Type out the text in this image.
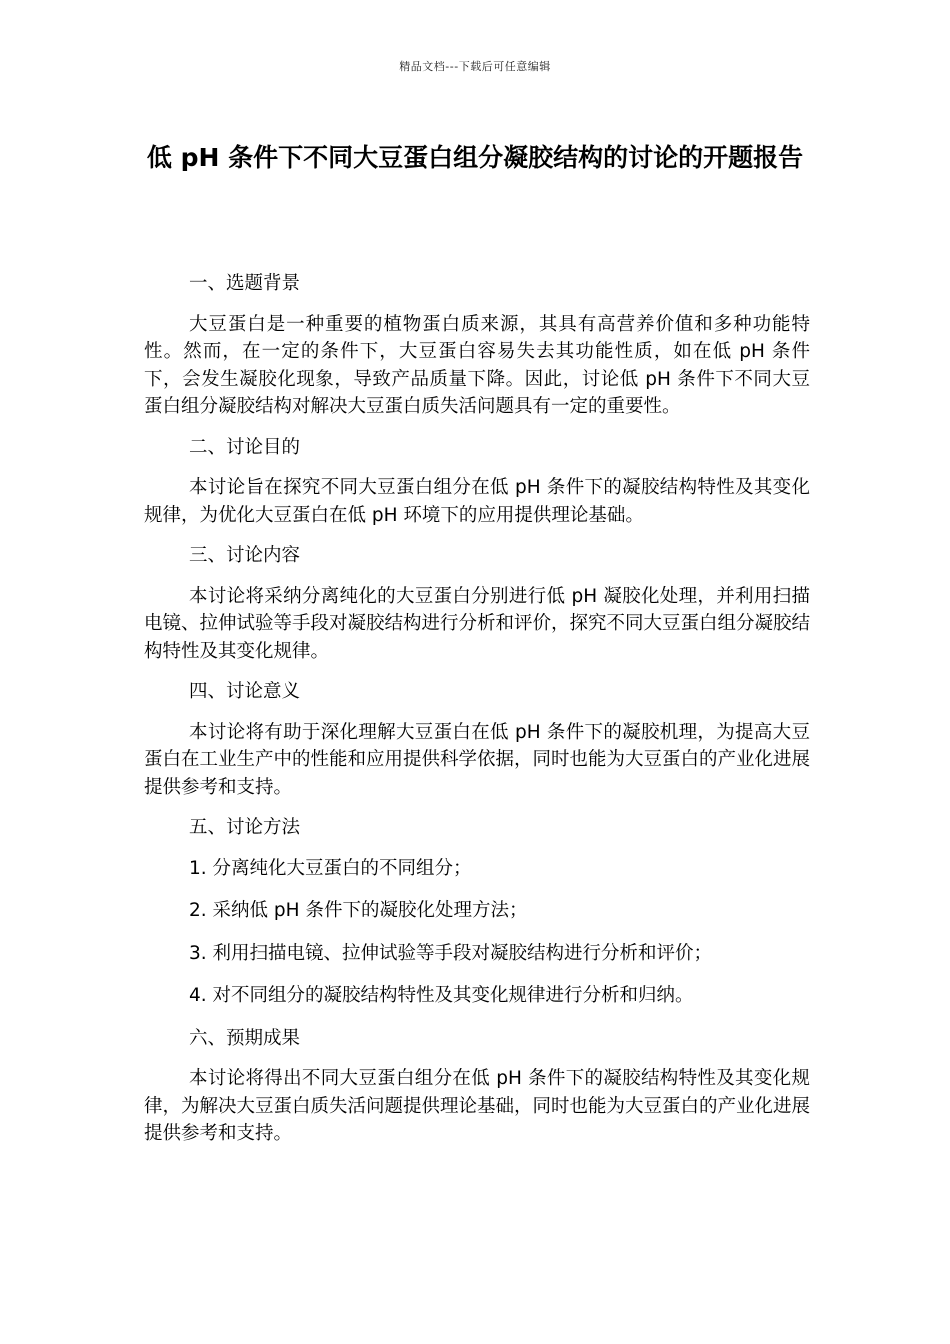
精品文档---下载后可任意编辑
低 pH 条件下不同大豆蛋白组分凝胶结构的讨论的开题报告

一、选题背景

大豆蛋白是一种重要的植物蛋白质来源，其具有高营养价值和多种功能特性。然而，在一定的条件下，大豆蛋白容易失去其功能性质，如在低 pH 条件下，会发生凝胶化现象，导致产品质量下降。因此，讨论低 pH 条件下不同大豆蛋白组分凝胶结构对解决大豆蛋白质失活问题具有一定的重要性。

二、讨论目的

本讨论旨在探究不同大豆蛋白组分在低 pH 条件下的凝胶结构特性及其变化规律，为优化大豆蛋白在低 pH 环境下的应用提供理论基础。

三、讨论内容

本讨论将采纳分离纯化的大豆蛋白分别进行低 pH 凝胶化处理，并利用扫描电镜、拉伸试验等手段对凝胶结构进行分析和评价，探究不同大豆蛋白组分凝胶结构特性及其变化规律。

四、讨论意义

本讨论将有助于深化理解大豆蛋白在低 pH 条件下的凝胶机理，为提高大豆蛋白在工业生产中的性能和应用提供科学依据，同时也能为大豆蛋白的产业化进展提供参考和支持。

五、讨论方法

1. 分离纯化大豆蛋白的不同组分；

2. 采纳低 pH 条件下的凝胶化处理方法；

3. 利用扫描电镜、拉伸试验等手段对凝胶结构进行分析和评价；

4. 对不同组分的凝胶结构特性及其变化规律进行分析和归纳。

六、预期成果

本讨论将得出不同大豆蛋白组分在低 pH 条件下的凝胶结构特性及其变化规律，为解决大豆蛋白质失活问题提供理论基础，同时也能为大豆蛋白的产业化进展提供参考和支持。
